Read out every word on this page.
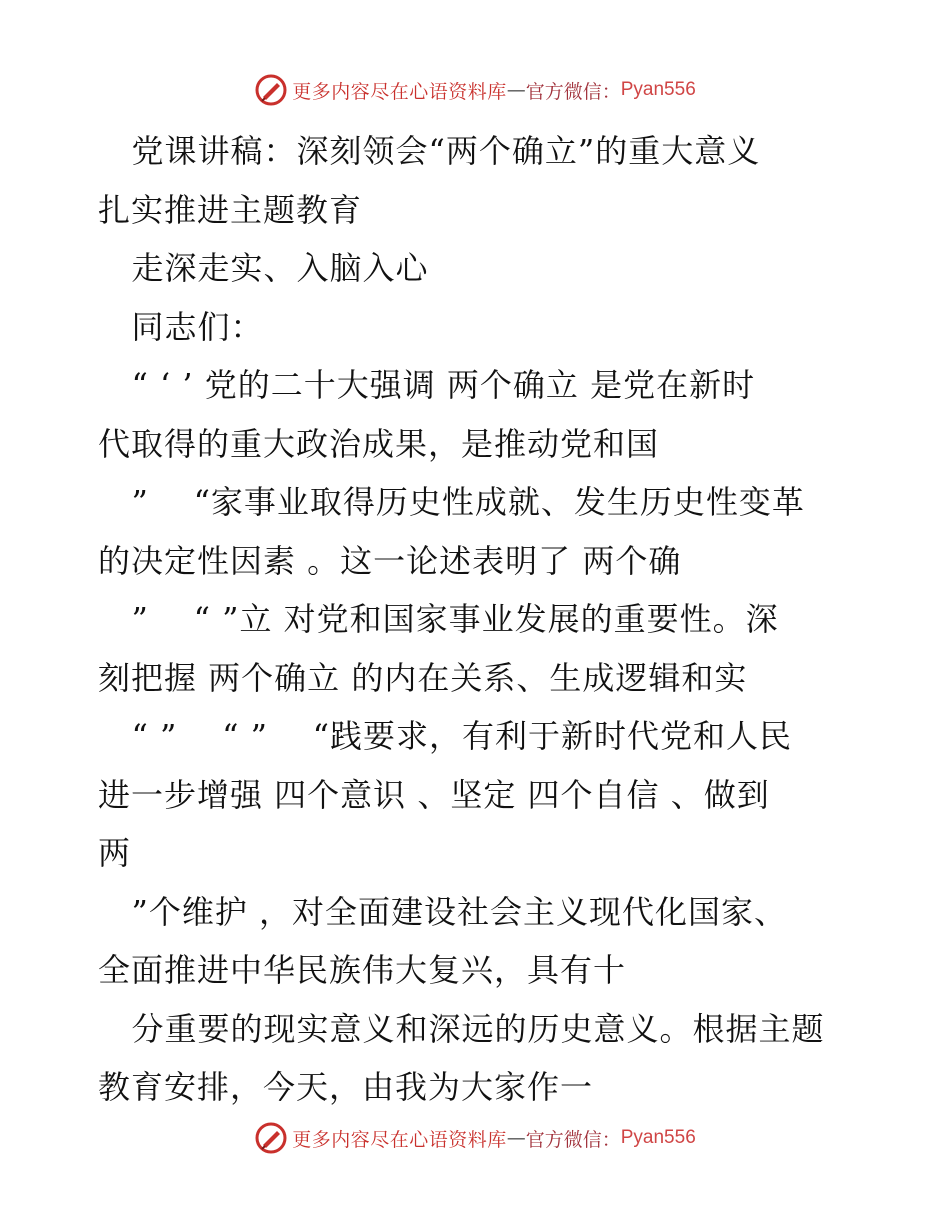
更多内容尽在心语资料库 — 官方微信： Pyan556
党课讲稿：深刻领会“两个确立”的重大意义
扎实推进主题教育
走深走实、入脑入心
同志们：
“ ‘ ’ 党的二十大强调 两个确立 是党在新时
代取得的重大政治成果，是推动党和国
”    “家事业取得历史性成就、发生历史性变革
的决定性因素 。这一论述表明了 两个确
”    “ ”立 对党和国家事业发展的重要性。深
刻把握 两个确立 的内在关系、生成逻辑和实
“ ”    “ ”    “践要求，有利于新时代党和人民
进一步增强 四个意识 、坚定 四个自信 、做到
两
”个维护 ，对全面建设社会主义现代化国家、
全面推进中华民族伟大复兴，具有十
分重要的现实意义和深远的历史意义。根据主题
教育安排，今天，由我为大家作一
更多内容尽在心语资料库 — 官方微信： Pyan556
